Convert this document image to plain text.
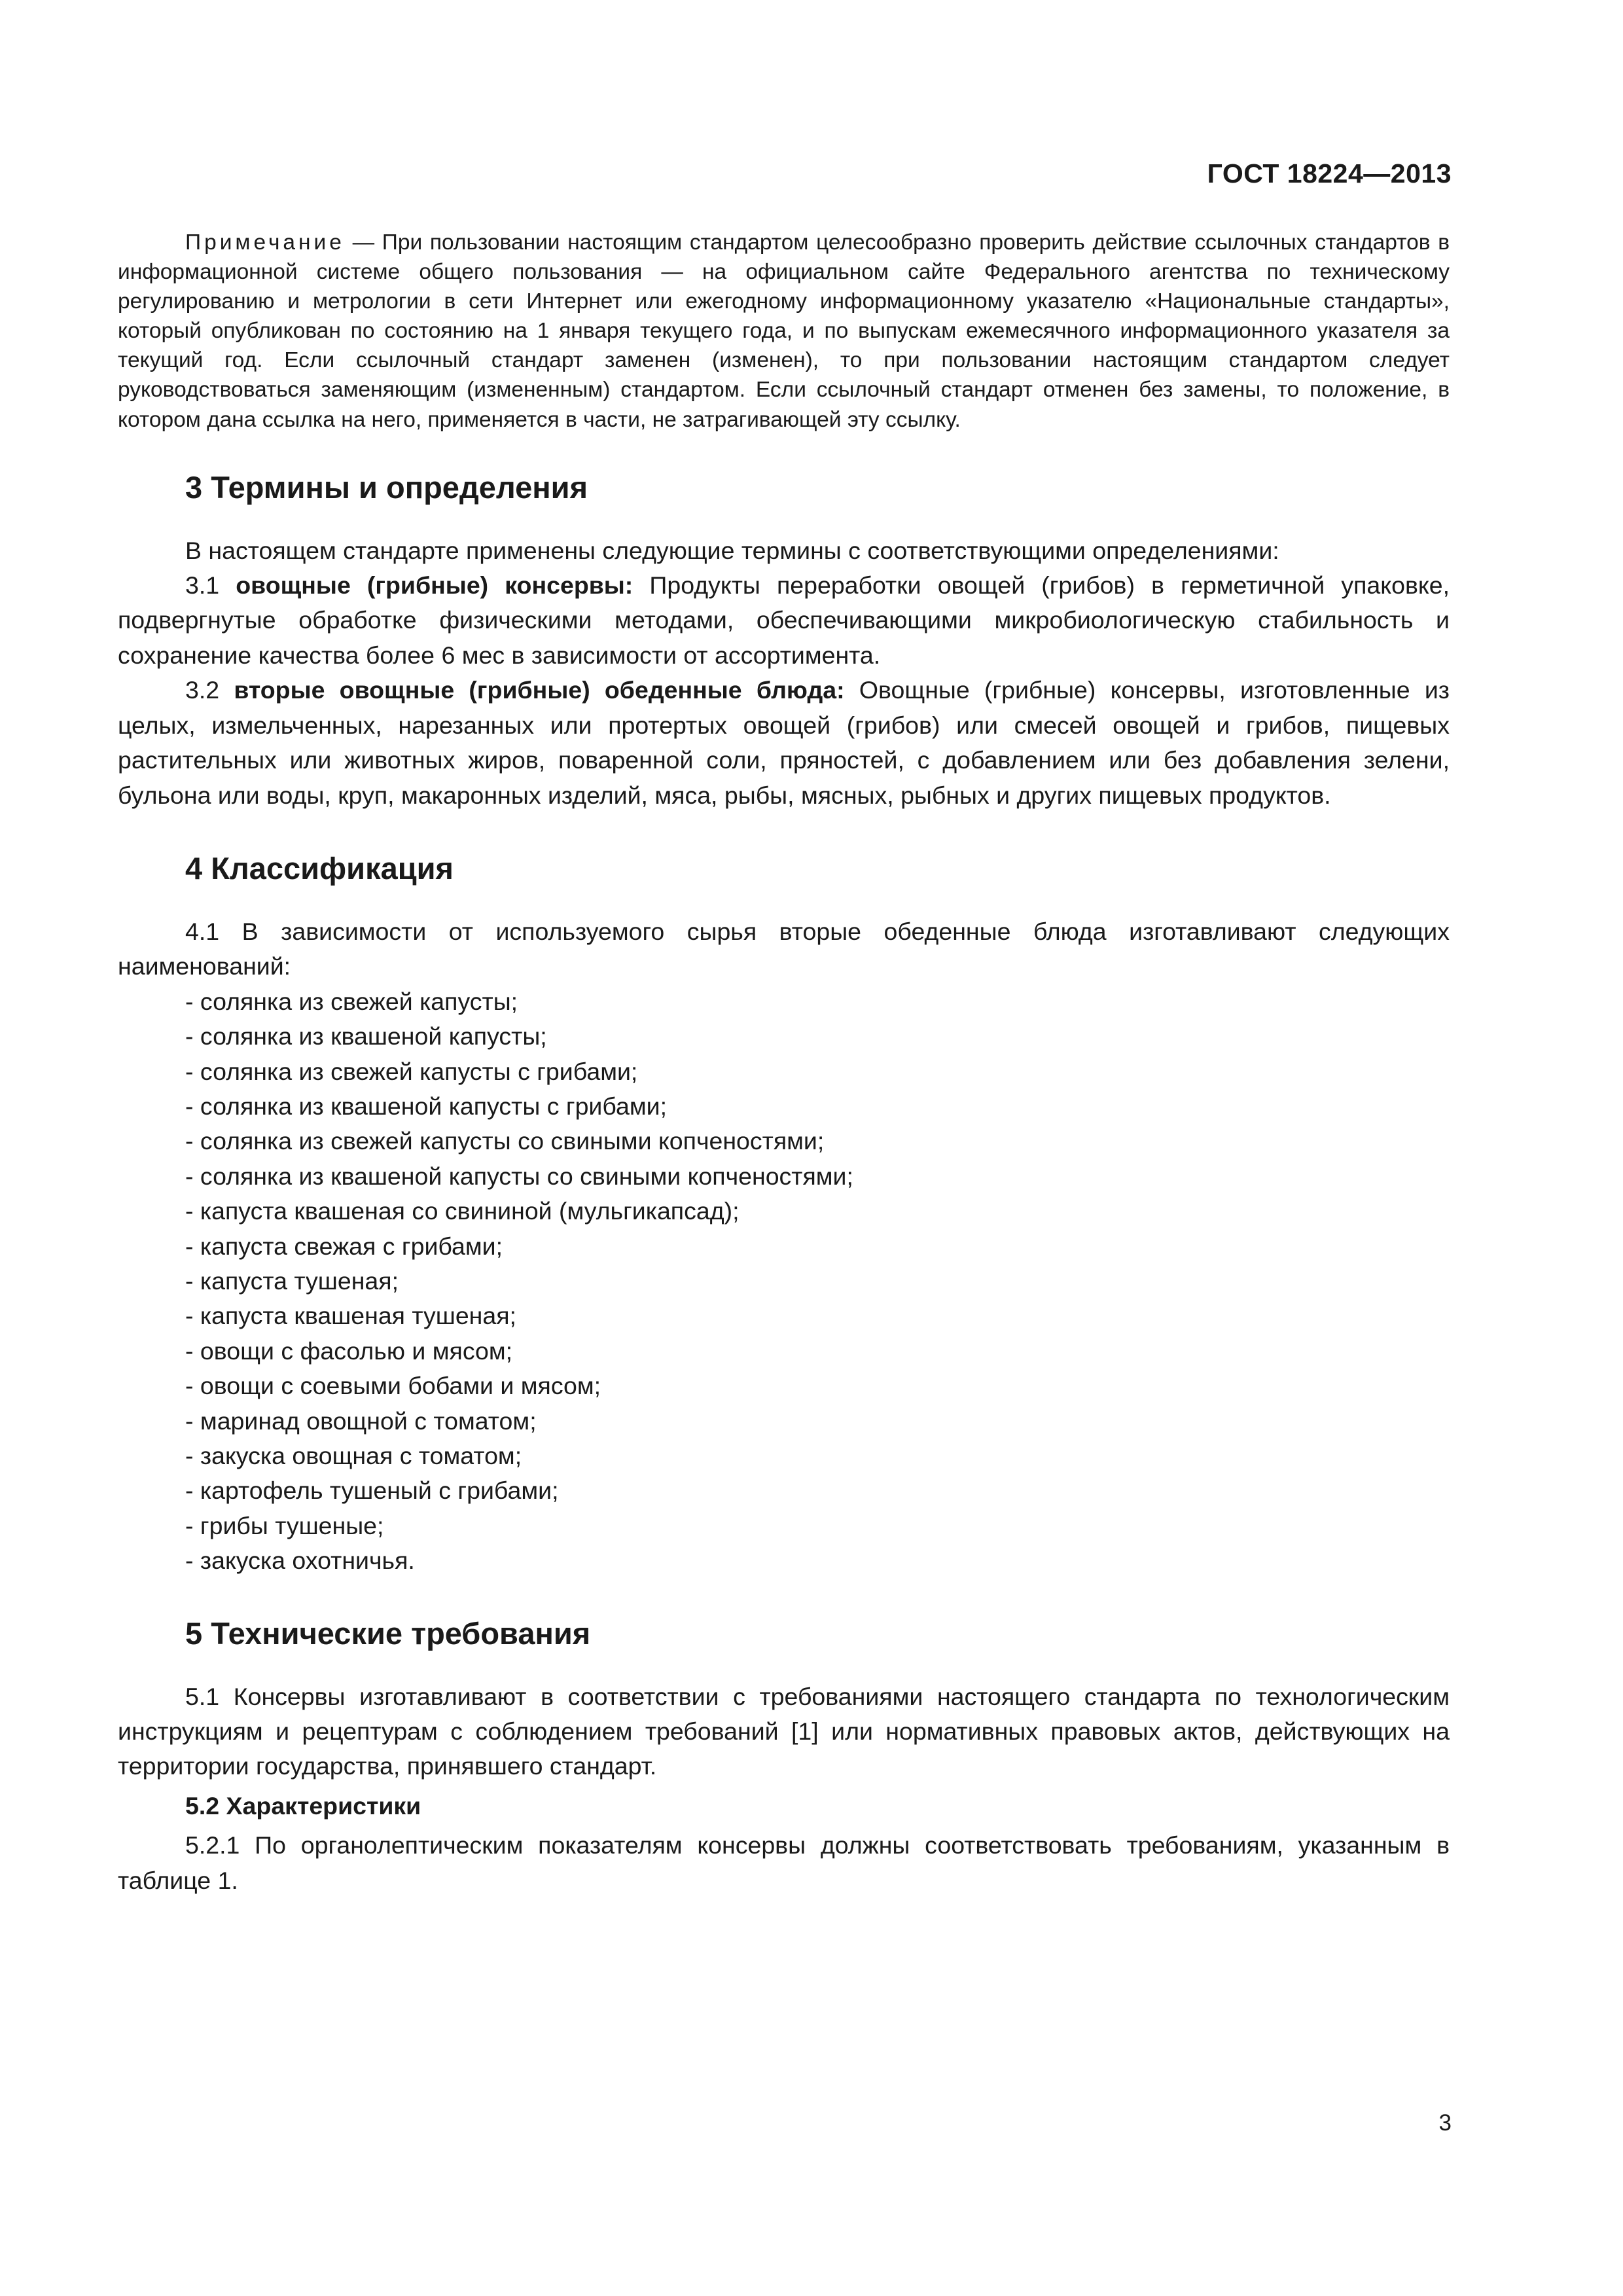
ГОСТ 18224—2013

Примечание — При пользовании настоящим стандартом целесообразно проверить действие ссылочных стандартов в информационной системе общего пользования — на официальном сайте Федерального агентства по техническому регулированию и метрологии в сети Интернет или ежегодному информационному указателю «Национальные стандарты», который опубликован по состоянию на 1 января текущего года, и по выпускам ежемесячного информационного указателя за текущий год. Если ссылочный стандарт заменен (изменен), то при пользовании настоящим стандартом следует руководствоваться заменяющим (измененным) стандартом. Если ссылочный стандарт отменен без замены, то положение, в котором дана ссылка на него, применяется в части, не затрагивающей эту ссылку.

3 Термины и определения

В настоящем стандарте применены следующие термины с соответствующими определениями:

3.1 овощные (грибные) консервы: Продукты переработки овощей (грибов) в герметичной упаковке, подвергнутые обработке физическими методами, обеспечивающими микробиологическую стабильность и сохранение качества более 6 мес в зависимости от ассортимента.

3.2 вторые овощные (грибные) обеденные блюда: Овощные (грибные) консервы, изготовленные из целых, измельченных, нарезанных или протертых овощей (грибов) или смесей овощей и грибов, пищевых растительных или животных жиров, поваренной соли, пряностей, с добавлением или без добавления зелени, бульона или воды, круп, макаронных изделий, мяса, рыбы, мясных, рыбных и других пищевых продуктов.

4 Классификация

4.1 В зависимости от используемого сырья вторые обеденные блюда изготавливают следующих наименований:

- солянка из свежей капусты;
- солянка из квашеной капусты;
- солянка из свежей капусты с грибами;
- солянка из квашеной капусты с грибами;
- солянка из свежей капусты со свиными копченостями;
- солянка из квашеной капусты со свиными копченостями;
- капуста квашеная со свининой (мульгикапсад);
- капуста свежая с грибами;
- капуста тушеная;
- капуста квашеная тушеная;
- овощи с фасолью и мясом;
- овощи с соевыми бобами и мясом;
- маринад овощной с томатом;
- закуска овощная с томатом;
- картофель тушеный с грибами;
- грибы тушеные;
- закуска охотничья.
5 Технические требования

5.1 Консервы изготавливают в соответствии с требованиями настоящего стандарта по технологическим инструкциям и рецептурам с соблюдением требований [1] или нормативных правовых актов, действующих на территории государства, принявшего стандарт.

5.2 Характеристики

5.2.1 По органолептическим показателям консервы должны соответствовать требованиям, указанным в таблице 1.

3
